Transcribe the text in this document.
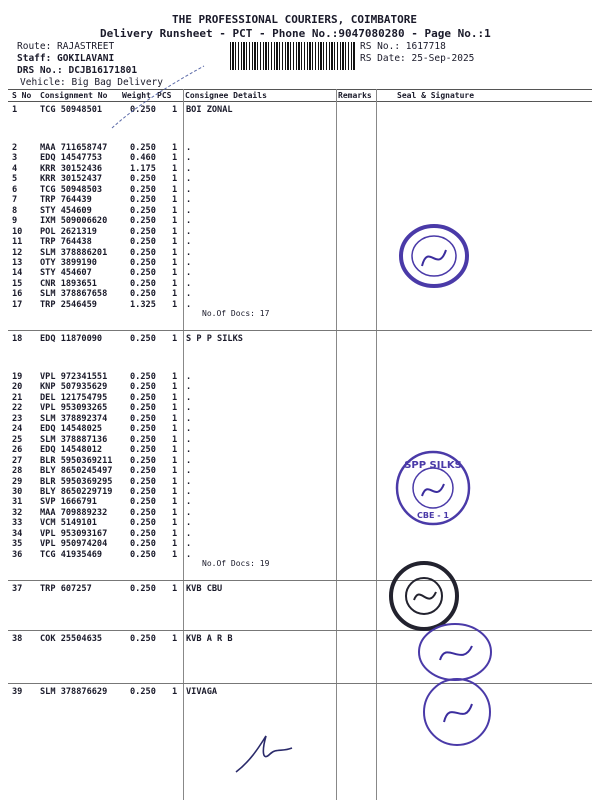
THE PROFESSIONAL COURIERS, COIMBATORE
Delivery Runsheet - PCT - Phone No.:9047080280 - Page No.:1
Route: RAJASTREET
Staff: GOKILAVANI
DRS No.: DCJB16171801
Vehicle: Big Bag Delivery
RS No.: 1617718
RS Date: 25-Sep-2025
S No Consignment No Weight PCS Consignee Details	Remarks	Seal & Signature
1	TCG 50948501	0.250 1 BOI ZONAL
2	MAA 711658747	0.250 1 .
3	EDQ 14547753	0.460 1 .
4	KRR 30152436	1.175 1 .
5	KRR 30152437	0.250 1 .
6	TCG 50948503	0.250 1 .
7	TRP 764439	0.250 1 .
8	STY 454609	0.250 1 .
9	IXM 509006620	0.250 1 .
10 POL 2621319	0.250 1 .
11 TRP 764438	0.250 1 .
12 SLM 378886201	0.250 1 .
13 OTY 3899190	0.250 1 .
14 STY 454607	0.250 1 .
15 CNR 1893651	0.250 1 .
16 SLM 378867658	0.250 1 .
17 TRP 2546459	1.325 1 .
No.Of Docs: 17
18 EDQ 11870090	0.250 1 S P P SILKS
19 VPL 972341551	0.250 1 .
20 KNP 507935629	0.250 1 .
21 DEL 121754795	0.250 1 .
22 VPL 953093265	0.250 1 .
23 SLM 378892374	0.250 1 .
24 EDQ 14548025	0.250 1 .
25 SLM 378887136	0.250 1 .
26 EDQ 14548012	0.250 1 .
27 BLR 5950369211 0.250 1 .
28 BLY 8650245497 0.250 1 .
29 BLR 5950369295 0.250 1 .
30 BLY 8650229719 0.250 1 .
31 SVP 1666791	0.250 1 .
32 MAA 709889232	0.250 1 .
33 VCM 5149101	0.250 1 .
34 VPL 953093167	0.250 1 .
35 VPL 950974204	0.250 1 .
36 TCG 41935469	0.250 1 .
No.Of Docs: 19
37 TRP 607257	0.250 1 KVB CBU
38 COK 25504635	0.250 1 KVB A R B
39 SLM 378876629	0.250 1 VIVAGA
SPP SILKS
CBE - 1
